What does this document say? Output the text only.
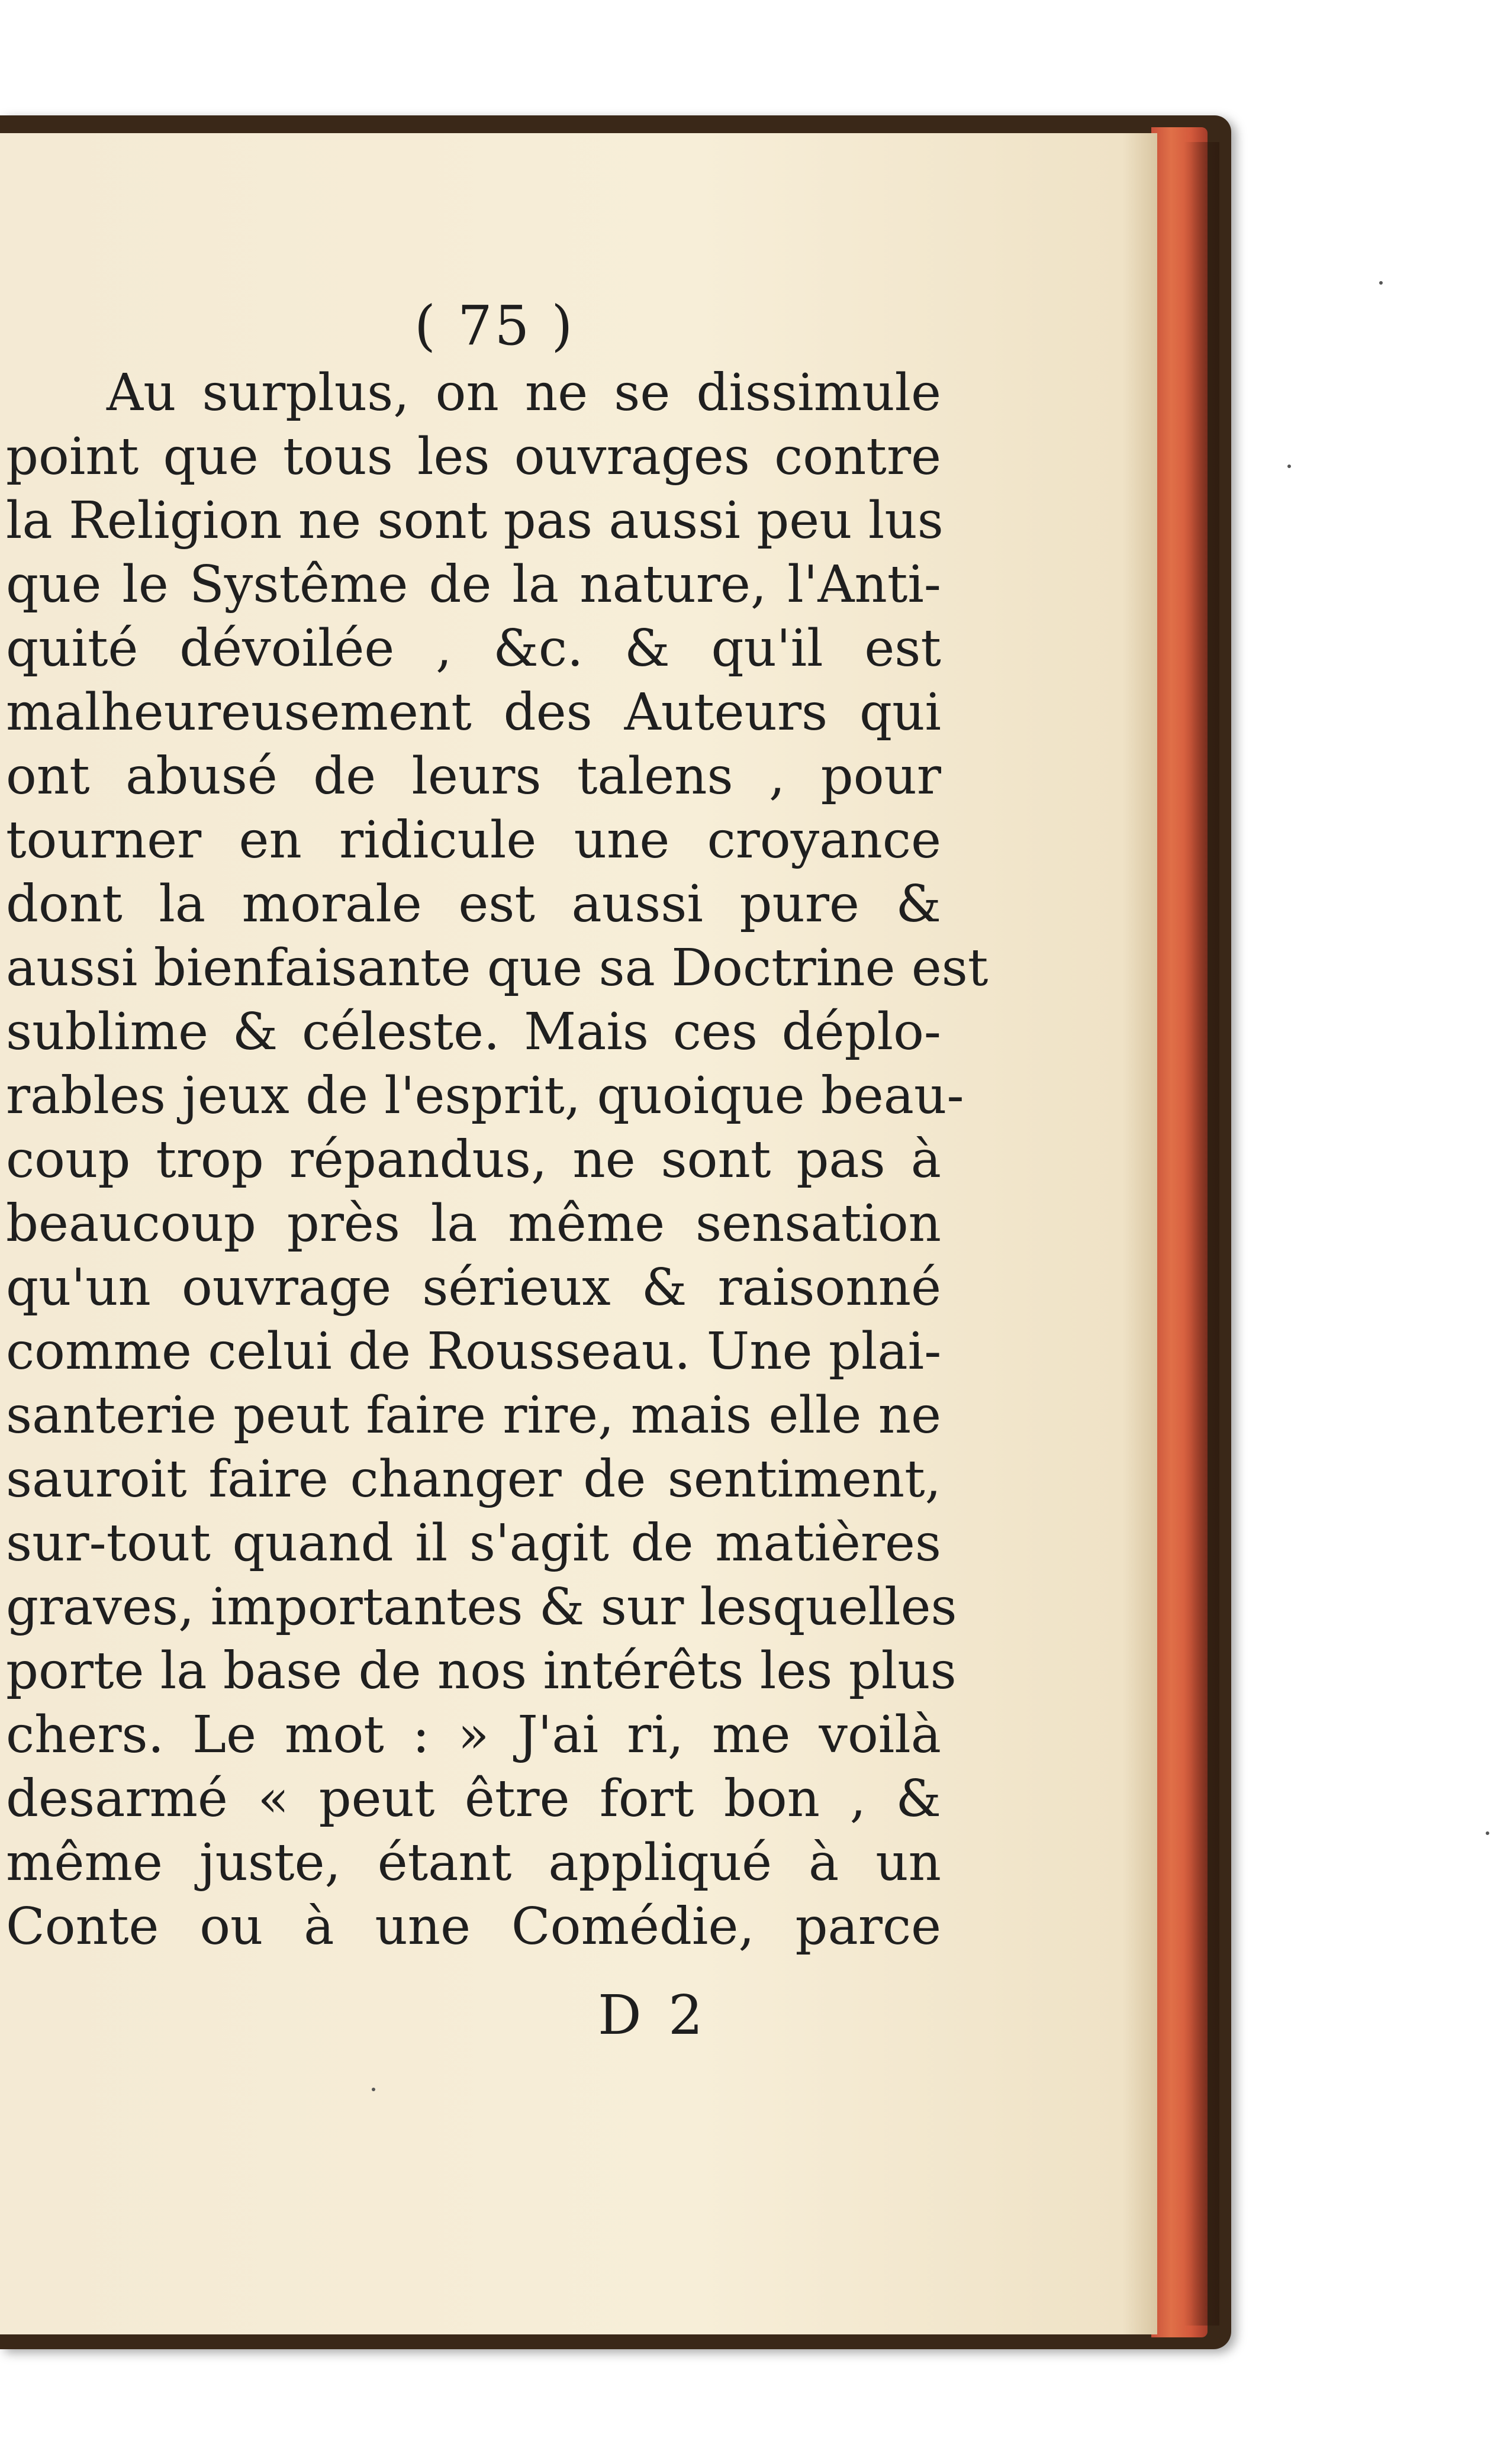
( 75 )

Au surplus, on ne se dissimule
point que tous les ouvrages contre
la Religion ne sont pas aussi peu lus
que le Systême de la nature, l'Anti-
quité dévoilée , &c. & qu'il est
malheureusement des Auteurs qui
ont abusé de leurs talens , pour
tourner en ridicule une croyance
dont la morale est aussi pure &
aussi bienfaisante que sa Doctrine est
sublime & céleste. Mais ces déplo-
rables jeux de l'esprit, quoique beau-
coup trop répandus, ne sont pas à
beaucoup près la même sensation
qu'un ouvrage sérieux & raisonné
comme celui de Rousseau. Une plai-
santerie peut faire rire, mais elle ne
sauroit faire changer de sentiment,
sur-tout quand il s'agit de matières
graves, importantes & sur lesquelles
porte la base de nos intérêts les plus
chers. Le mot : » J'ai ri, me voilà
desarmé « peut être fort bon , &
même juste, étant appliqué à un
Conte ou à une Comédie, parce

D 2
